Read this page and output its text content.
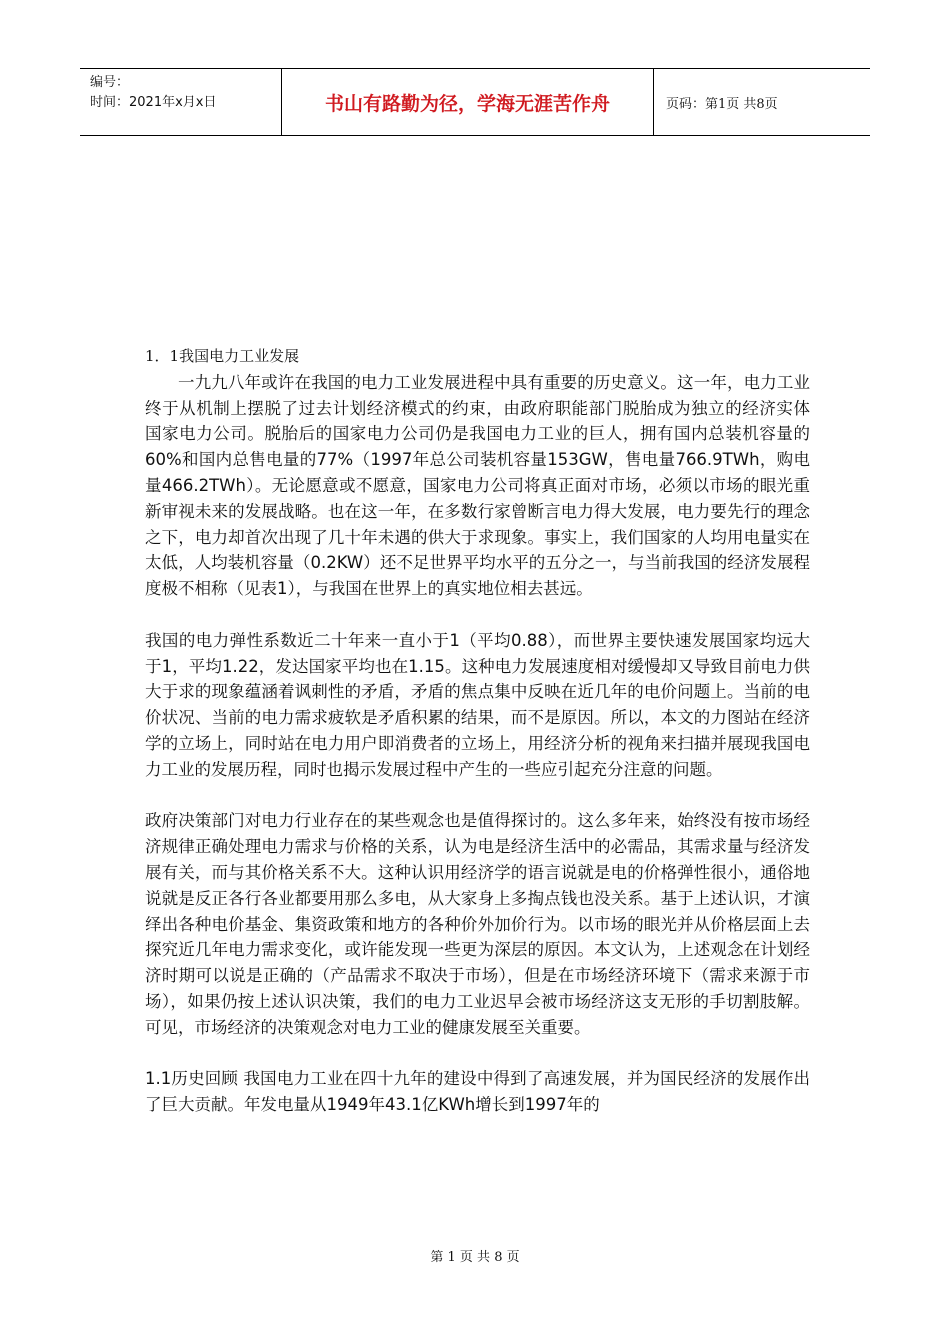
编号：
时间：2021年x月x日	书山有路勤为径，学海无涯苦作舟	页码：第1页 共8页

1．1我国电力工业发展

一九九八年或许在我国的电力工业发展进程中具有重要的历史意义。这一年，电力工业终于从机制上摆脱了过去计划经济模式的约束，由政府职能部门脱胎成为独立的经济实体 国家电力公司。脱胎后的国家电力公司仍是我国电力工业的巨人，拥有国内总装机容量的60%和国内总售电量的77%（1997年总公司装机容量153GW，售电量766.9TWh，购电量466.2TWh）。无论愿意或不愿意，国家电力公司将真正面对市场，必须以市场的眼光重新审视未来的发展战略。也在这一年，在多数行家曾断言电力得大发展，电力要先行的理念之下，电力却首次出现了几十年未遇的供大于求现象。事实上，我们国家的人均用电量实在太低，人均装机容量（0.2KW）还不足世界平均水平的五分之一，与当前我国的经济发展程度极不相称（见表1），与我国在世界上的真实地位相去甚远。

我国的电力弹性系数近二十年来一直小于1（平均0.88），而世界主要快速发展国家均远大于1，平均1.22，发达国家平均也在1.15。这种电力发展速度相对缓慢却又导致目前电力供大于求的现象蕴涵着讽刺性的矛盾，矛盾的焦点集中反映在近几年的电价问题上。当前的电价状况、当前的电力需求疲软是矛盾积累的结果，而不是原因。所以，本文的力图站在经济学的立场上，同时站在电力用户即消费者的立场上，用经济分析的视角来扫描并展现我国电力工业的发展历程，同时也揭示发展过程中产生的一些应引起充分注意的问题。

政府决策部门对电力行业存在的某些观念也是值得探讨的。这么多年来，始终没有按市场经济规律正确处理电力需求与价格的关系，认为电是经济生活中的必需品，其需求量与经济发展有关，而与其价格关系不大。这种认识用经济学的语言说就是电的价格弹性很小，通俗地说就是反正各行各业都要用那么多电，从大家身上多掏点钱也没关系。基于上述认识，才演绎出各种电价基金、集资政策和地方的各种价外加价行为。以市场的眼光并从价格层面上去探究近几年电力需求变化，或许能发现一些更为深层的原因。本文认为，上述观念在计划经济时期可以说是正确的（产品需求不取决于市场），但是在市场经济环境下（需求来源于市场），如果仍按上述认识决策，我们的电力工业迟早会被市场经济这支无形的手切割肢解。可见，市场经济的决策观念对电力工业的健康发展至关重要。

1.1历史回顾 我国电力工业在四十九年的建设中得到了高速发展，并为国民经济的发展作出了巨大贡献。年发电量从1949年43.1亿KWh增长到1997年的

第 1 页 共 8 页
